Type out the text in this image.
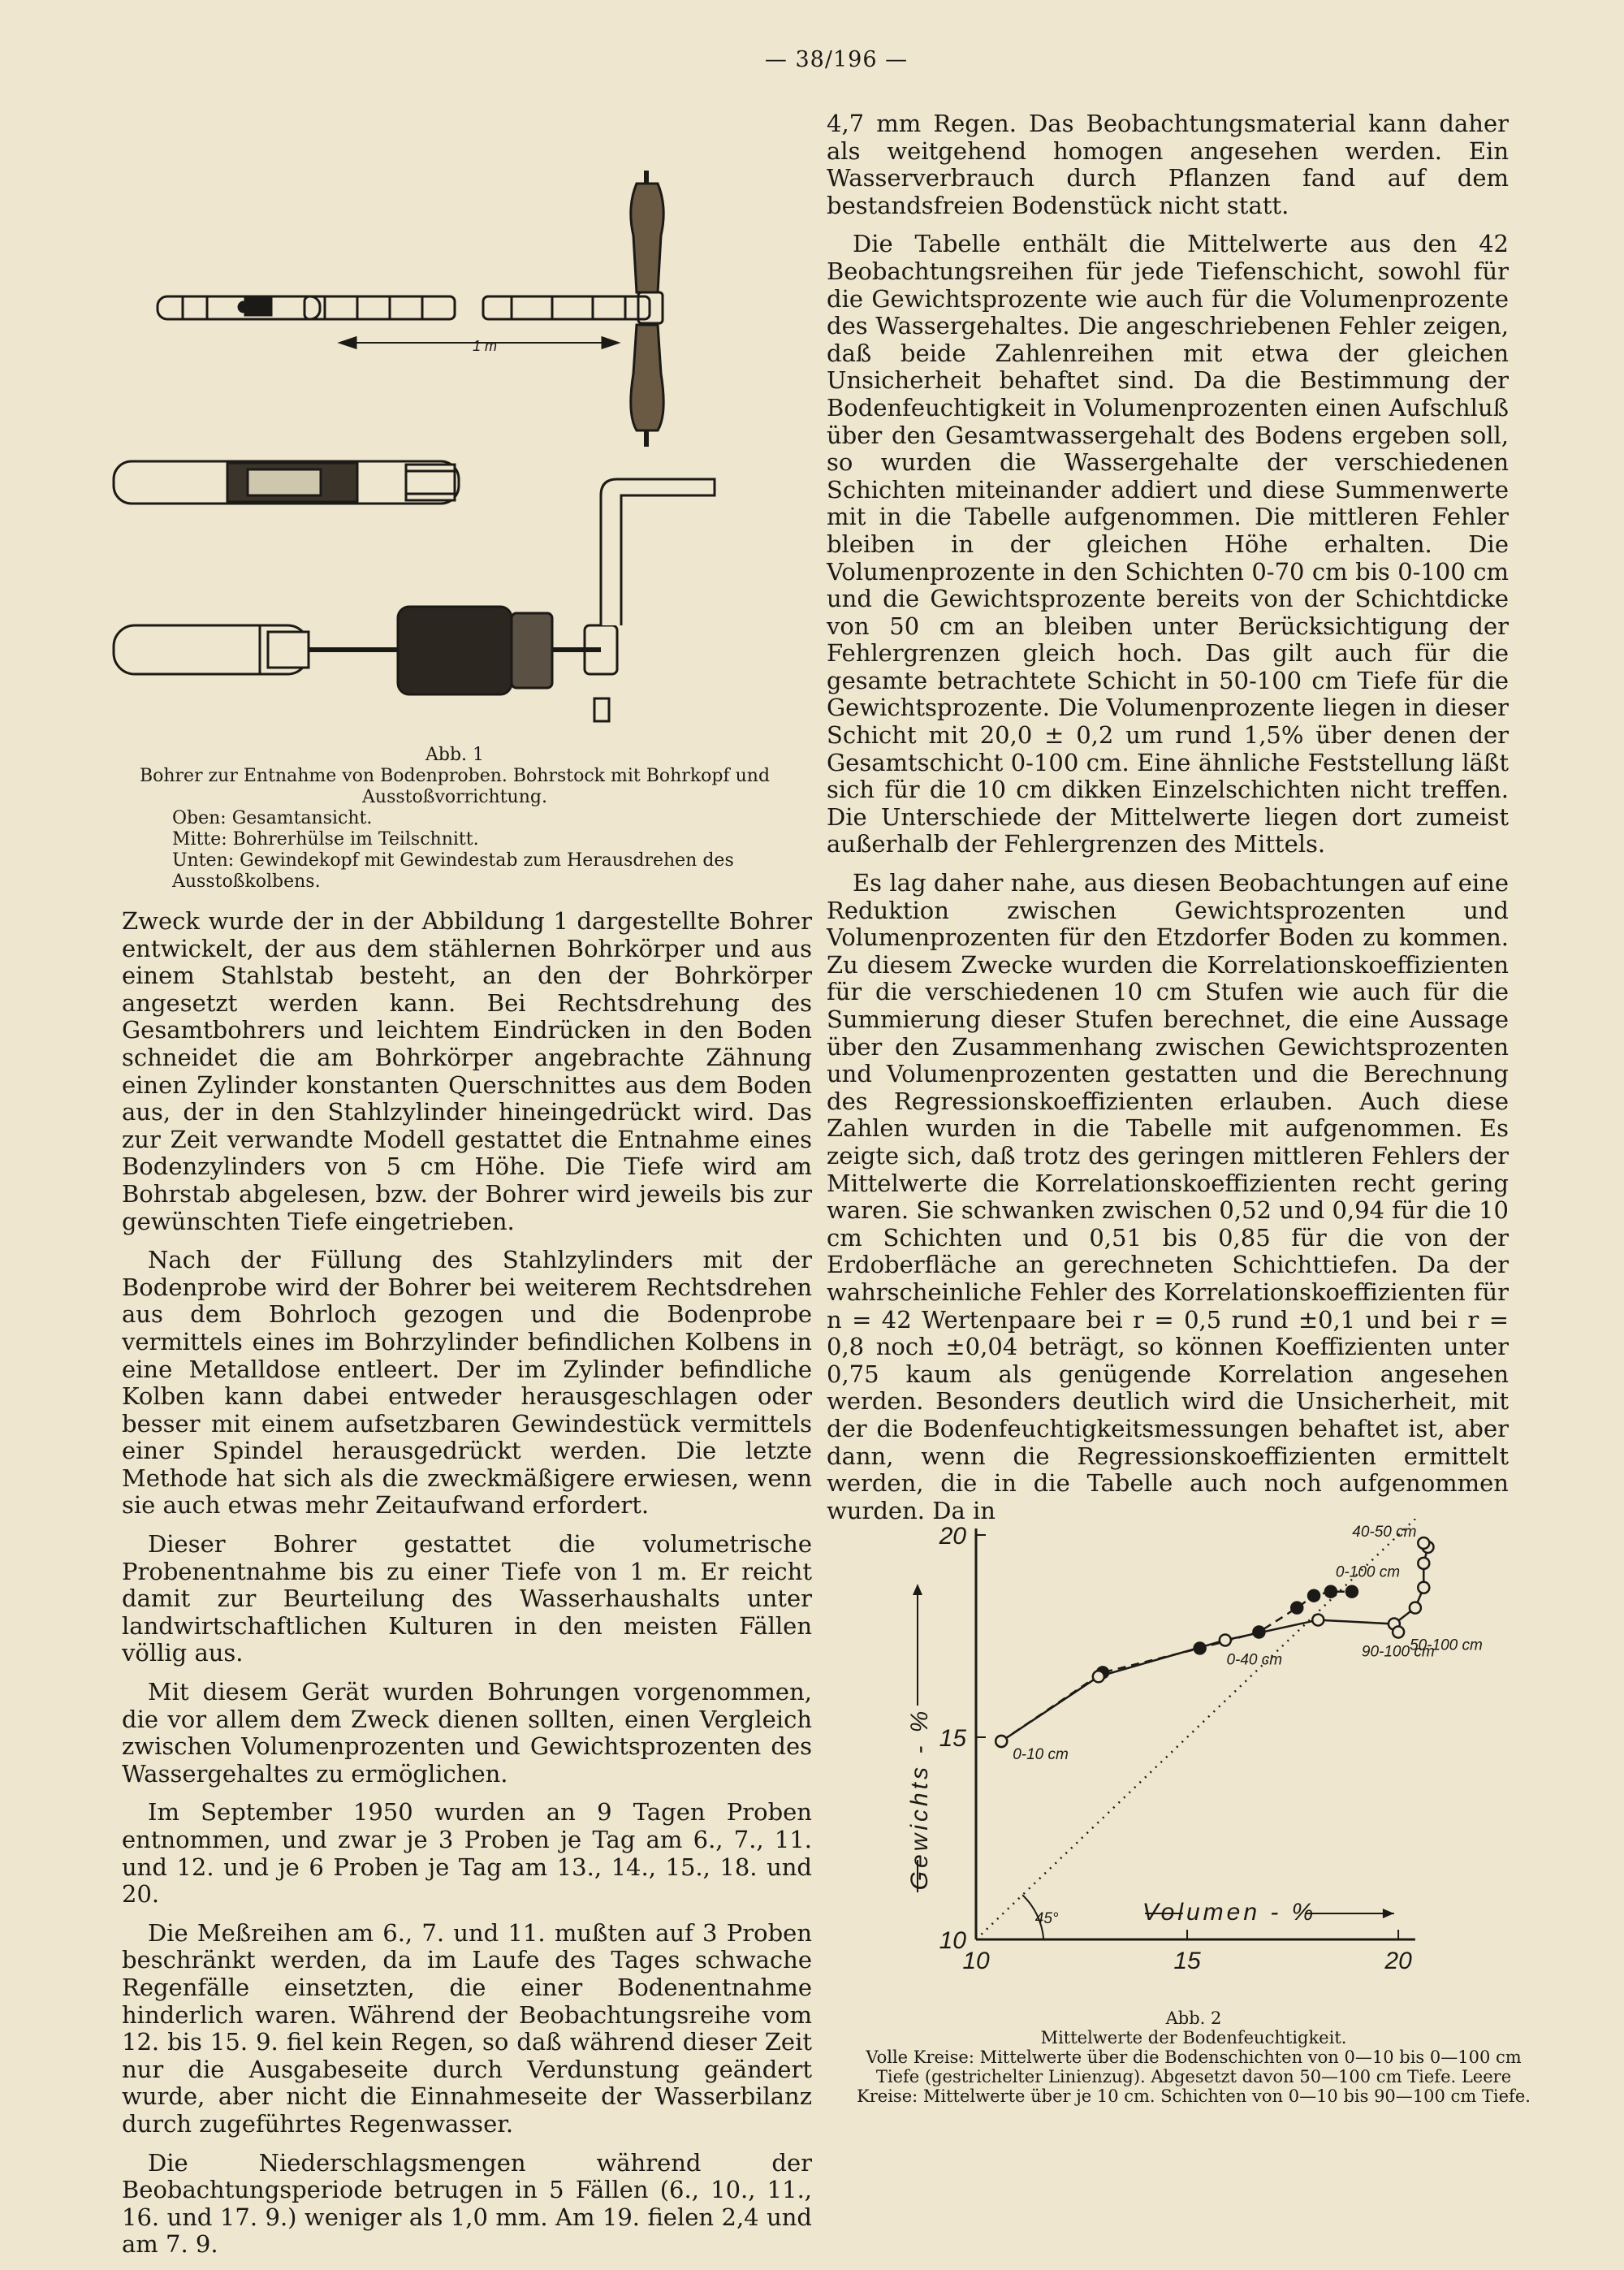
— 38/196 —
1 m
Abb. 1
Bohrer zur Entnahme von Bodenproben. Bohrstock mit Bohrkopf und Ausstoßvorrichtung.
Oben: Gesamtansicht.
Mitte: Bohrerhülse im Teilschnitt.
Unten: Gewindekopf mit Gewindestab zum Herausdrehen des Ausstoßkolbens.

Zweck wurde der in der Abbildung 1 dargestellte Bohrer entwickelt, der aus dem stählernen Bohrkörper und aus einem Stahlstab besteht, an den der Bohrkörper angesetzt werden kann. Bei Rechtsdrehung des Gesamtbohrers und leichtem Eindrücken in den Boden schneidet die am Bohrkörper angebrachte Zähnung einen Zylinder konstanten Querschnittes aus dem Boden aus, der in den Stahlzylinder hineingedrückt wird. Das zur Zeit verwandte Modell gestattet die Entnahme eines Bodenzylinders von 5 cm Höhe. Die Tiefe wird am Bohrstab abgelesen, bzw. der Bohrer wird jeweils bis zur gewünschten Tiefe eingetrieben.

Nach der Füllung des Stahlzylinders mit der Bodenprobe wird der Bohrer bei weiterem Rechtsdrehen aus dem Bohrloch gezogen und die Bodenprobe vermittels eines im Bohrzylinder befindlichen Kolbens in eine Metalldose entleert. Der im Zylinder befindliche Kolben kann dabei entweder herausgeschlagen oder besser mit einem aufsetzbaren Gewindestück vermittels einer Spindel herausgedrückt werden. Die letzte Methode hat sich als die zweckmäßigere erwiesen, wenn sie auch etwas mehr Zeitaufwand erfordert.

Dieser Bohrer gestattet die volumetrische Probenentnahme bis zu einer Tiefe von 1 m. Er reicht damit zur Beurteilung des Wasserhaushalts unter landwirtschaftlichen Kulturen in den meisten Fällen völlig aus.

Mit diesem Gerät wurden Bohrungen vorgenommen, die vor allem dem Zweck dienen sollten, einen Vergleich zwischen Volumenprozenten und Gewichtsprozenten des Wassergehaltes zu ermöglichen.

Im September 1950 wurden an 9 Tagen Proben entnommen, und zwar je 3 Proben je Tag am 6., 7., 11. und 12. und je 6 Proben je Tag am 13., 14., 15., 18. und 20.

Die Meßreihen am 6., 7. und 11. mußten auf 3 Proben beschränkt werden, da im Laufe des Tages schwache Regenfälle einsetzten, die einer Bodenentnahme hinderlich waren. Während der Beobachtungsreihe vom 12. bis 15. 9. fiel kein Regen, so daß während dieser Zeit nur die Ausgabeseite durch Verdunstung geändert wurde, aber nicht die Einnahmeseite der Wasserbilanz durch zugeführtes Regenwasser.

Die Niederschlagsmengen während der Beobachtungsperiode betrugen in 5 Fällen (6., 10., 11., 16. und 17. 9.) weniger als 1,0 mm. Am 19. fielen 2,4 und am 7. 9.

4,7 mm Regen. Das Beobachtungsmaterial kann daher als weitgehend homogen angesehen werden. Ein Wasserverbrauch durch Pflanzen fand auf dem bestandsfreien Bodenstück nicht statt.

Die Tabelle enthält die Mittelwerte aus den 42 Beobachtungsreihen für jede Tiefenschicht, sowohl für die Gewichtsprozente wie auch für die Volumenprozente des Wassergehaltes. Die angeschriebenen Fehler zeigen, daß beide Zahlenreihen mit etwa der gleichen Unsicherheit behaftet sind. Da die Bestimmung der Bodenfeuchtigkeit in Volumenprozenten einen Aufschluß über den Gesamtwassergehalt des Bodens ergeben soll, so wurden die Wassergehalte der verschiedenen Schichten miteinander addiert und diese Summenwerte mit in die Tabelle aufgenommen. Die mittleren Fehler bleiben in der gleichen Höhe erhalten. Die Volumenprozente in den Schichten 0-70 cm bis 0-100 cm und die Gewichtsprozente bereits von der Schichtdicke von 50 cm an bleiben unter Berücksichtigung der Fehlergrenzen gleich hoch. Das gilt auch für die gesamte betrachtete Schicht in 50-100 cm Tiefe für die Gewichtsprozente. Die Volumenprozente liegen in dieser Schicht mit 20,0 ± 0,2 um rund 1,5% über denen der Gesamtschicht 0-100 cm. Eine ähnliche Feststellung läßt sich für die 10 cm dikken Einzelschichten nicht treffen. Die Unterschiede der Mittelwerte liegen dort zumeist außerhalb der Fehlergrenzen des Mittels.

Es lag daher nahe, aus diesen Beobachtungen auf eine Reduktion zwischen Gewichtsprozenten und Volumenprozenten für den Etzdorfer Boden zu kommen. Zu diesem Zwecke wurden die Korrelationskoeffizienten für die verschiedenen 10 cm Stufen wie auch für die Summierung dieser Stufen berechnet, die eine Aussage über den Zusammenhang zwischen Gewichtsprozenten und Volumenprozenten gestatten und die Berechnung des Regressionskoeffizienten erlauben. Auch diese Zahlen wurden in die Tabelle mit aufgenommen. Es zeigte sich, daß trotz des geringen mittleren Fehlers der Mittelwerte die Korrelationskoeffizienten recht gering waren. Sie schwanken zwischen 0,52 und 0,94 für die 10 cm Schichten und 0,51 bis 0,85 für die von der Erdoberfläche an gerechneten Schichttiefen. Da der wahrscheinliche Fehler des Korrelationskoeffizienten für n = 42 Wertenpaare bei r = 0,5 rund ±0,1 und bei r = 0,8 noch ±0,04 beträgt, so können Koeffizienten unter 0,75 kaum als genügende Korrelation angesehen werden. Besonders deutlich wird die Unsicherheit, mit der die Bodenfeuchtigkeitsmessungen behaftet ist, aber dann, wenn die Regressionskoeffizienten ermittelt werden, die in die Tabelle auch noch aufgenommen wurden. Da in

Gewichts - %
45°	Volumen - %
10	15	20
10
15
20
0-10 cm
0-40 cm
0-100 cm
40-50 cm
50-100 cm
90-100 cm
Abb. 2
Mittelwerte der Bodenfeuchtigkeit.
Volle Kreise: Mittelwerte über die Bodenschichten von 0—10 bis 0—100 cm Tiefe (gestrichelter Linienzug). Abgesetzt davon 50—100 cm Tiefe. Leere Kreise: Mittelwerte über je 10 cm. Schichten von 0—10 bis 90—100 cm Tiefe.
